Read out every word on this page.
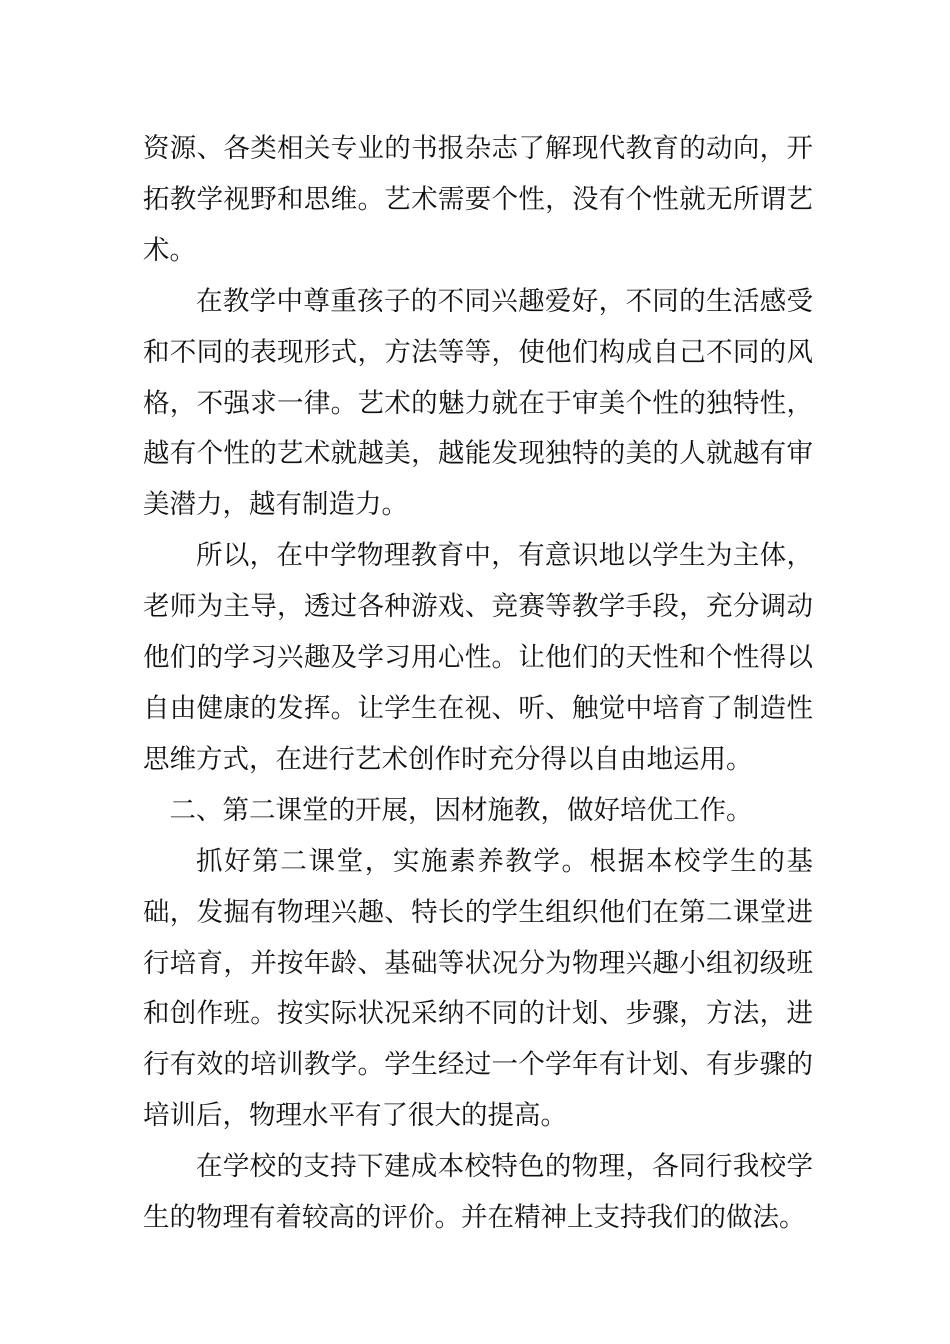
资源、各类相关专业的书报杂志了解现代教育的动向，开拓教学视野和思维。艺术需要个性，没有个性就无所谓艺术。

在教学中尊重孩子的不同兴趣爱好，不同的生活感受和不同的表现形式，方法等等，使他们构成自己不同的风格，不强求一律。艺术的魅力就在于审美个性的独特性，越有个性的艺术就越美，越能发现独特的美的人就越有审美潜力，越有制造力。

所以，在中学物理教育中，有意识地以学生为主体，老师为主导，透过各种游戏、竞赛等教学手段，充分调动他们的学习兴趣及学习用心性。让他们的天性和个性得以自由健康的发挥。让学生在视、听、触觉中培育了制造性思维方式，在进行艺术创作时充分得以自由地运用。

二、第二课堂的开展，因材施教，做好培优工作。

抓好第二课堂，实施素养教学。根据本校学生的基础，发掘有物理兴趣、特长的学生组织他们在第二课堂进行培育，并按年龄、基础等状况分为物理兴趣小组初级班和创作班。按实际状况采纳不同的计划、步骤，方法，进行有效的培训教学。学生经过一个学年有计划、有步骤的培训后，物理水平有了很大的提高。

在学校的支持下建成本校特色的物理，各同行我校学生的物理有着较高的评价。并在精神上支持我们的做法。
